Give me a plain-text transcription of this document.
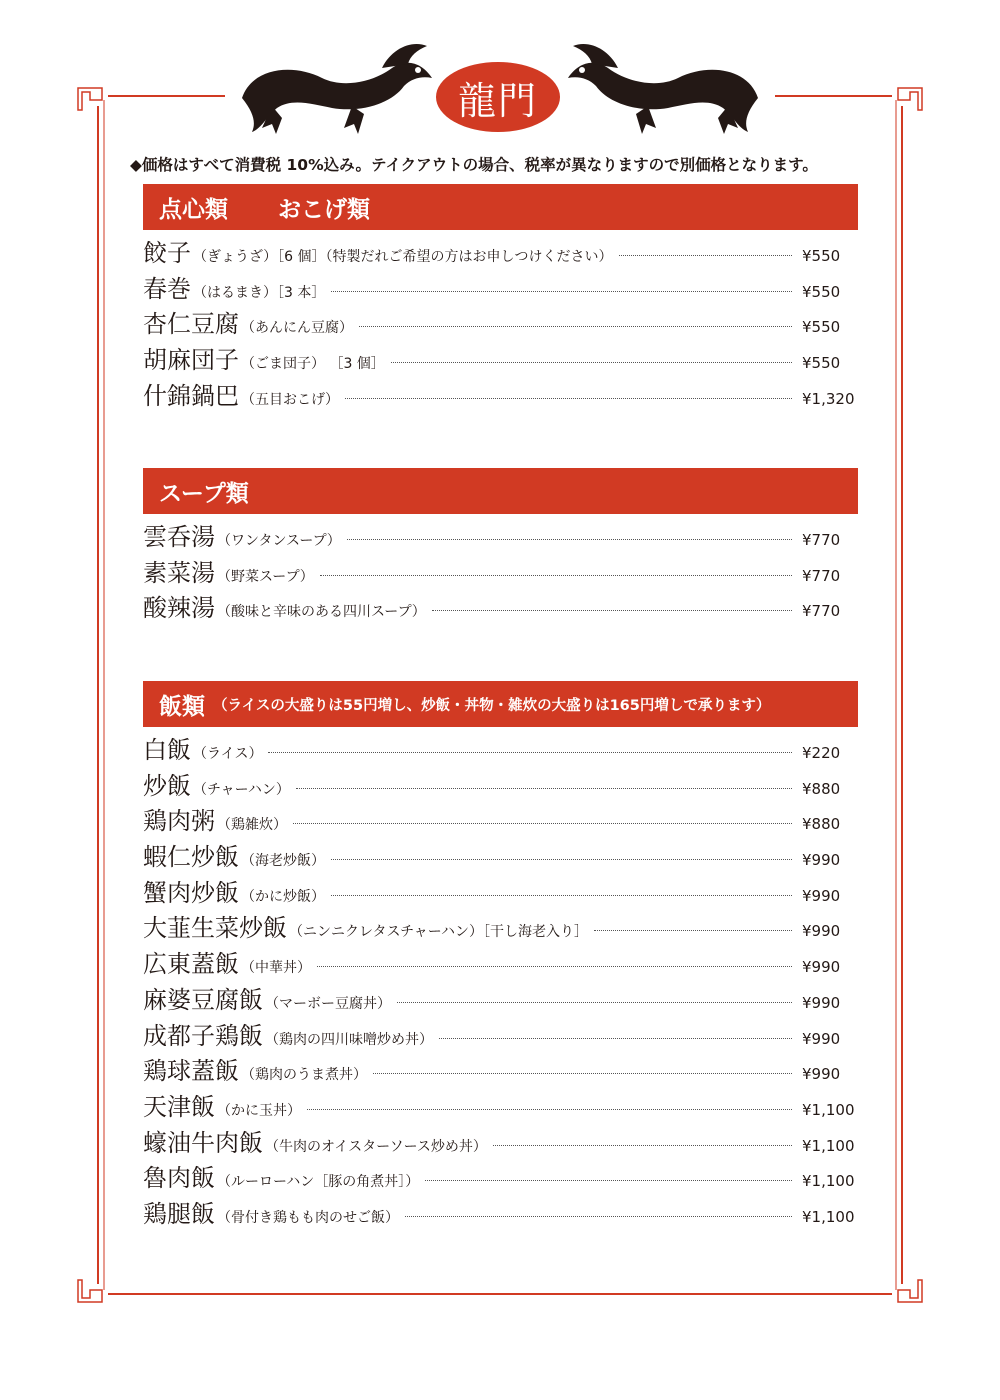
龍門
◆価格はすべて消費税 10%込み。テイクアウトの場合、税率が異なりますので別価格となります。
点心類 おこげ類
餃子 （ぎょうざ）［6 個］（特製だれご希望の方はお申しつけください）	¥550
春巻 （はるまき）［3 本］	¥550
杏仁豆腐 （あんにん豆腐）	¥550
胡麻団子 （ごま団子） ［3 個］	¥550
什錦鍋巴 （五目おこげ）	¥1,320
スープ類
雲呑湯 （ワンタンスープ）	¥770
素菜湯 （野菜スープ）	¥770
酸辣湯 （酸味と辛味のある四川スープ）	¥770
飯類 （ライスの大盛りは55円増し、炒飯・丼物・雑炊の大盛りは165円増しで承ります）
白飯 （ライス）	¥220
炒飯 （チャーハン）	¥880
鶏肉粥 （鶏雑炊）	¥880
蝦仁炒飯 （海老炒飯）	¥990
蟹肉炒飯 （かに炒飯）	¥990
大韮生菜炒飯 （ニンニクレタスチャーハン）［干し海老入り］	¥990
広東蓋飯 （中華丼）	¥990
麻婆豆腐飯 （マーボー豆腐丼）	¥990
成都子鶏飯 （鶏肉の四川味噌炒め丼）	¥990
鶏球蓋飯 （鶏肉のうま煮丼）	¥990
天津飯 （かに玉丼）	¥1,100
蠔油牛肉飯 （牛肉のオイスターソース炒め丼）	¥1,100
魯肉飯 （ルーローハン［豚の角煮丼］）	¥1,100
鶏腿飯 （骨付き鶏もも肉のせご飯）	¥1,100
